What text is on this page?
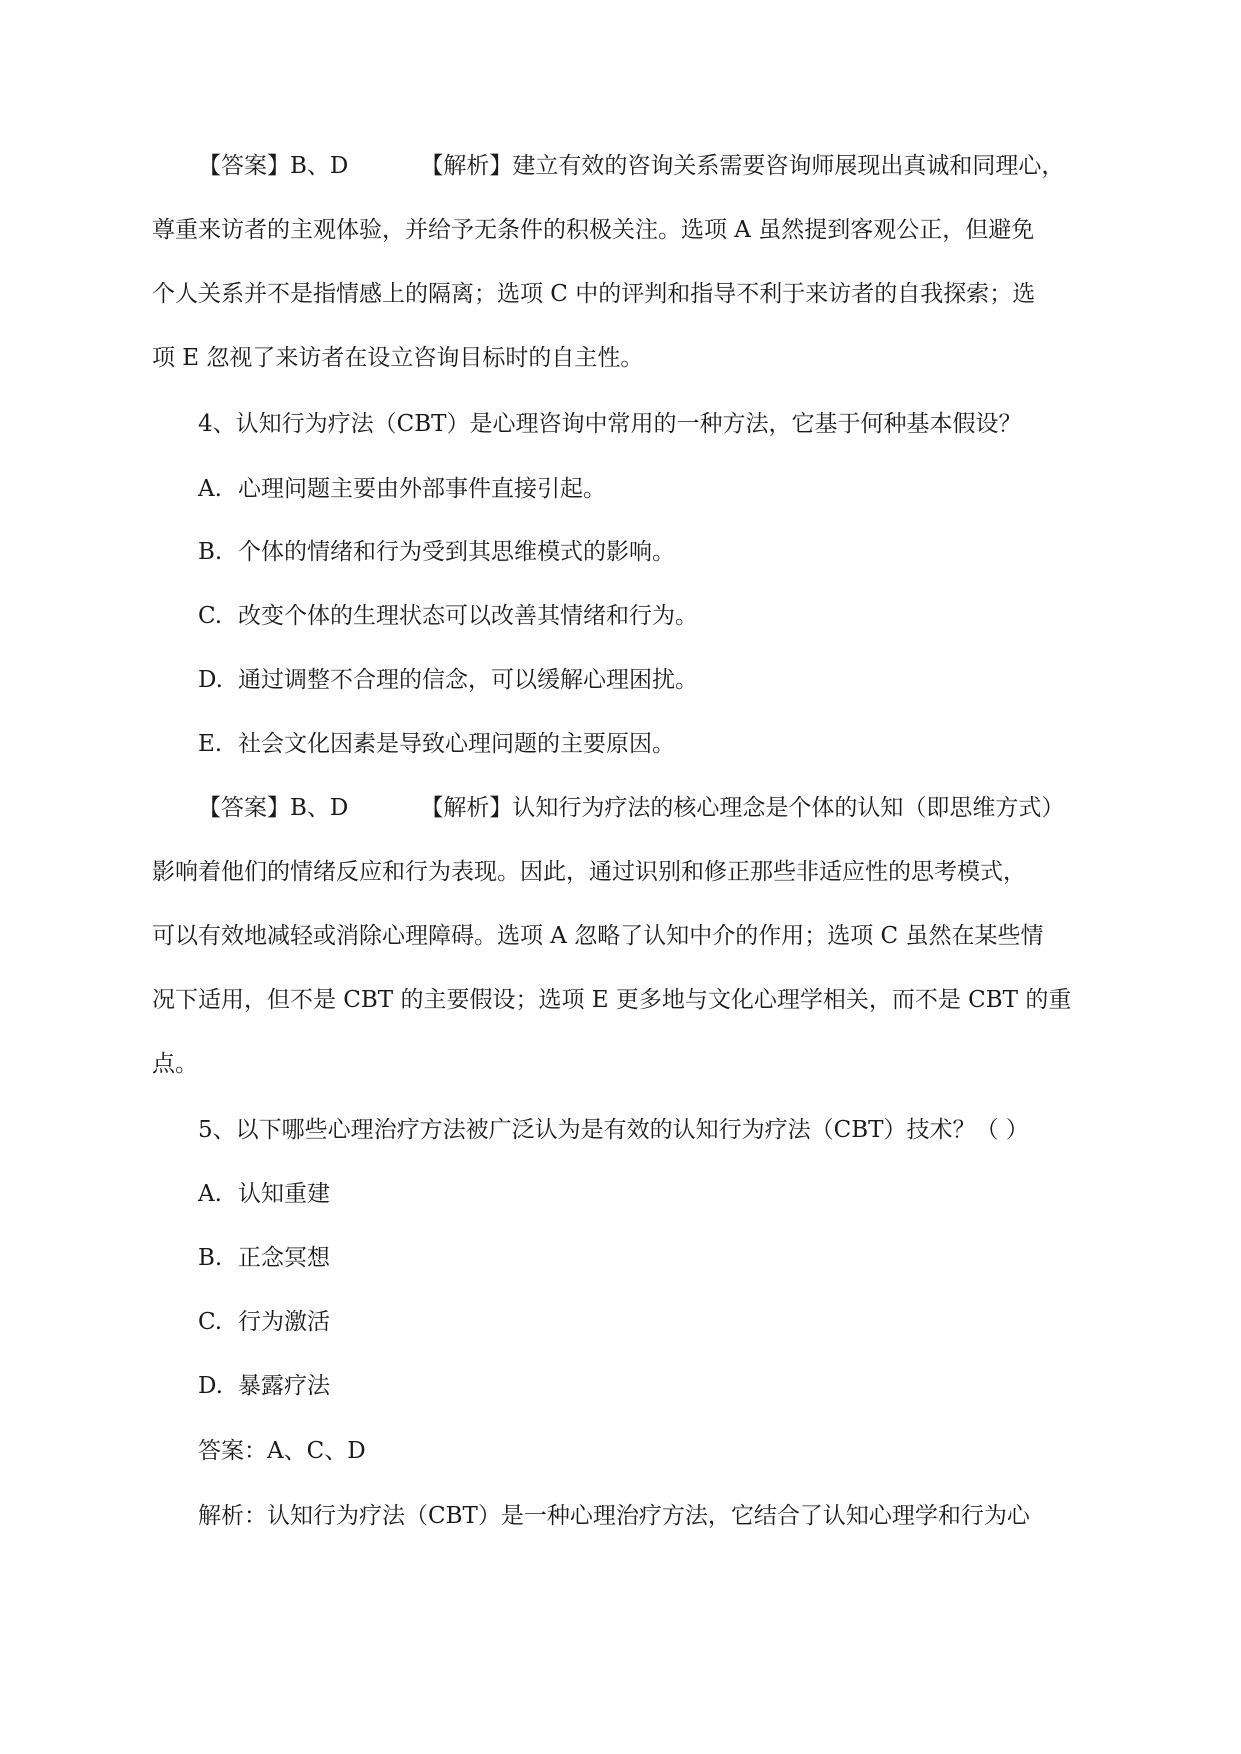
【答案】B、D	【解析】建立有效的咨询关系需要咨询师展现出真诚和同理心，
尊重来访者的主观体验，并给予无条件的积极关注。选项 A 虽然提到客观公正，但避免
个人关系并不是指情感上的隔离；选项 C 中的评判和指导不利于来访者的自我探索；选
项 E 忽视了来访者在设立咨询目标时的自主性。
4、认知行为疗法（CBT）是心理咨询中常用的一种方法，它基于何种基本假设？
A. 心理问题主要由外部事件直接引起。
B. 个体的情绪和行为受到其思维模式的影响。
C. 改变个体的生理状态可以改善其情绪和行为。
D. 通过调整不合理的信念，可以缓解心理困扰。
E. 社会文化因素是导致心理问题的主要原因。
【答案】B、D	【解析】认知行为疗法的核心理念是个体的认知（即思维方式）
影响着他们的情绪反应和行为表现。因此，通过识别和修正那些非适应性的思考模式，
可以有效地减轻或消除心理障碍。选项 A 忽略了认知中介的作用；选项 C 虽然在某些情
况下适用，但不是 CBT 的主要假设；选项 E 更多地与文化心理学相关，而不是 CBT 的重
点。
5、以下哪些心理治疗方法被广泛认为是有效的认知行为疗法（CBT）技术？（ ）
A. 认知重建
B. 正念冥想
C. 行为激活
D. 暴露疗法
答案：A、C、D
解析：认知行为疗法（CBT）是一种心理治疗方法，它结合了认知心理学和行为心
